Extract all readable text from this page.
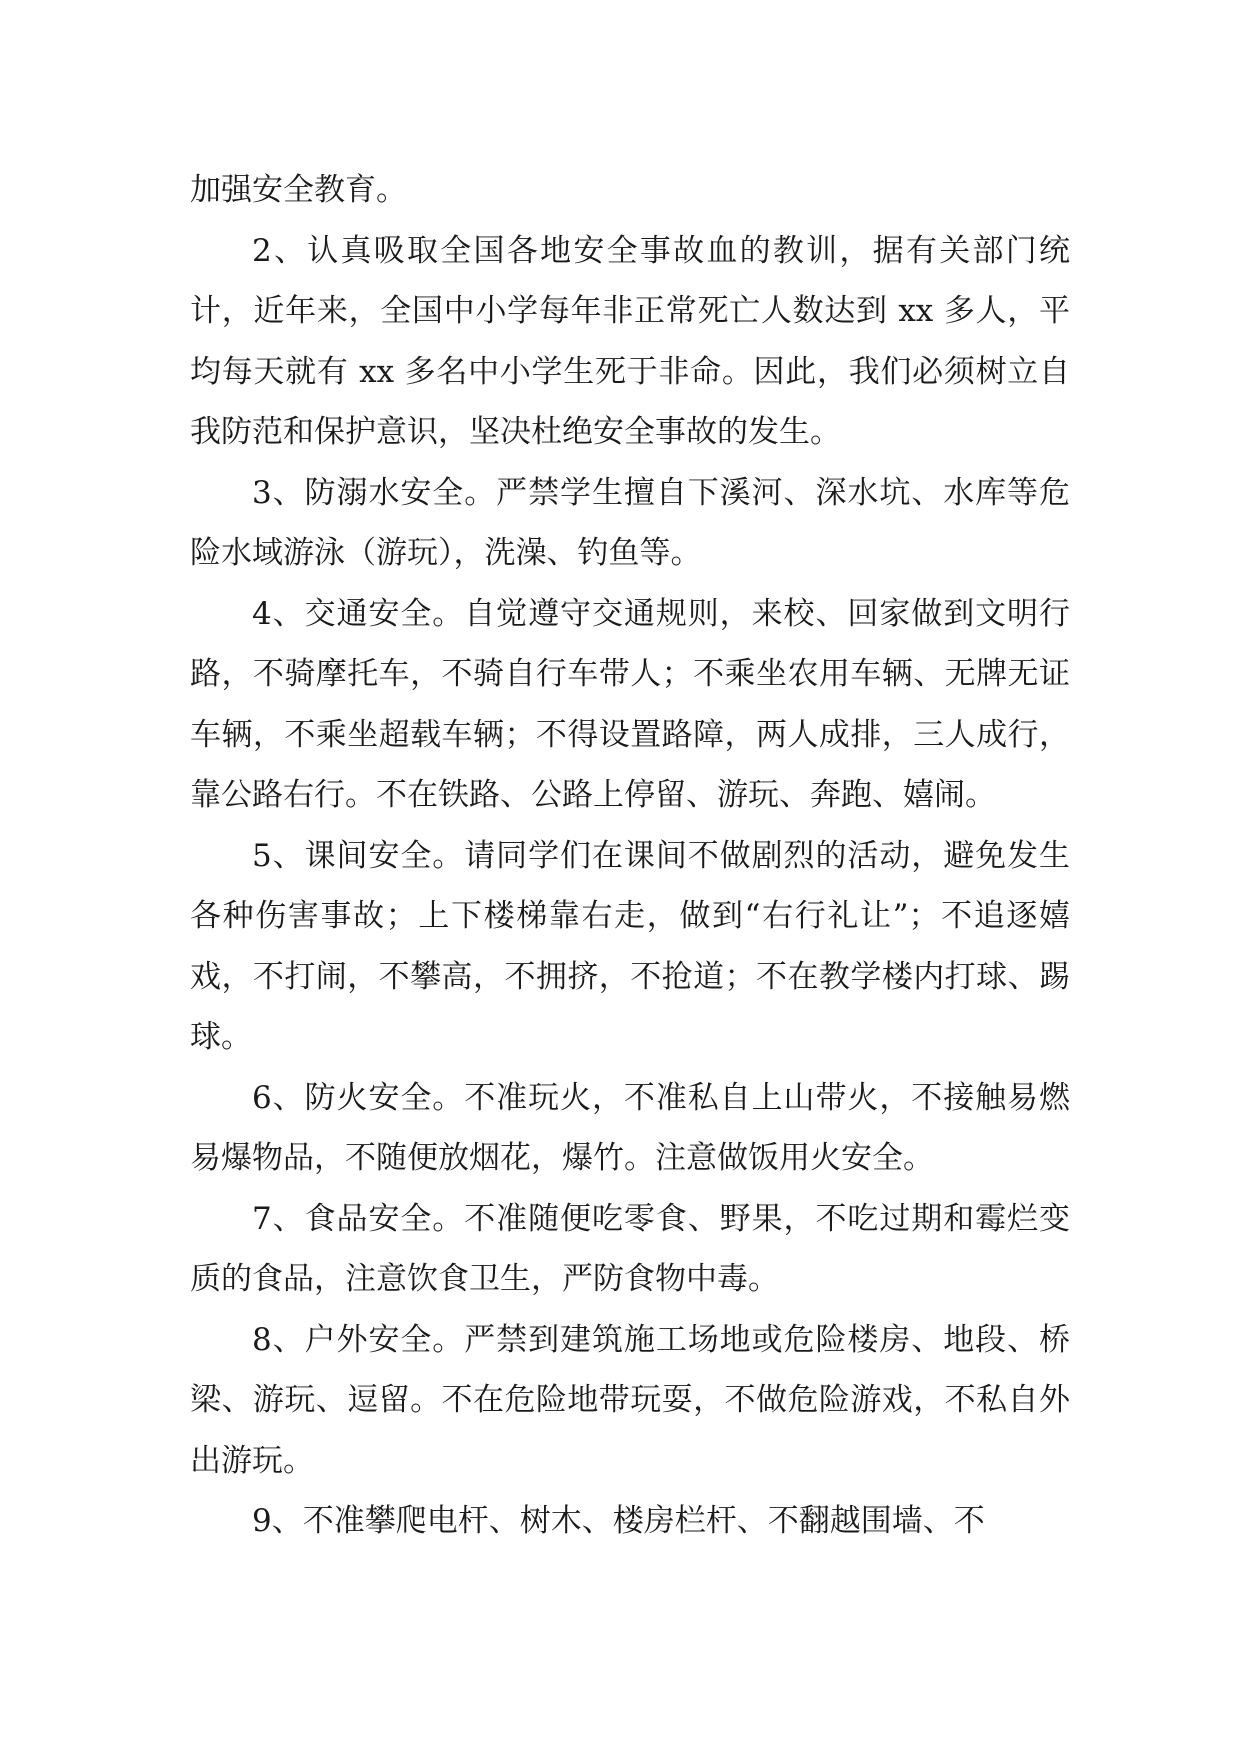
加强安全教育。

2、认真吸取全国各地安全事故血的教训，据有关部门统计，近年来，全国中小学每年非正常死亡人数达到 xx 多人，平均每天就有 xx 多名中小学生死于非命。因此，我们必须树立自我防范和保护意识，坚决杜绝安全事故的发生。

3、防溺水安全。严禁学生擅自下溪河、深水坑、水库等危险水域游泳（游玩），洗澡、钓鱼等。

4、交通安全。自觉遵守交通规则，来校、回家做到文明行路，不骑摩托车，不骑自行车带人；不乘坐农用车辆、无牌无证车辆，不乘坐超载车辆；不得设置路障，两人成排，三人成行，靠公路右行。不在铁路、公路上停留、游玩、奔跑、嬉闹。

5、课间安全。请同学们在课间不做剧烈的活动，避免发生各种伤害事故；上下楼梯靠右走，做到“右行礼让”；不追逐嬉戏，不打闹，不攀高，不拥挤，不抢道；不在教学楼内打球、踢球。

6、防火安全。不准玩火，不准私自上山带火，不接触易燃易爆物品，不随便放烟花，爆竹。注意做饭用火安全。

7、食品安全。不准随便吃零食、野果，不吃过期和霉烂变质的食品，注意饮食卫生，严防食物中毒。

8、户外安全。严禁到建筑施工场地或危险楼房、地段、桥梁、游玩、逗留。不在危险地带玩耍，不做危险游戏，不私自外出游玩。

9、不准攀爬电杆、树木、楼房栏杆、不翻越围墙、不
